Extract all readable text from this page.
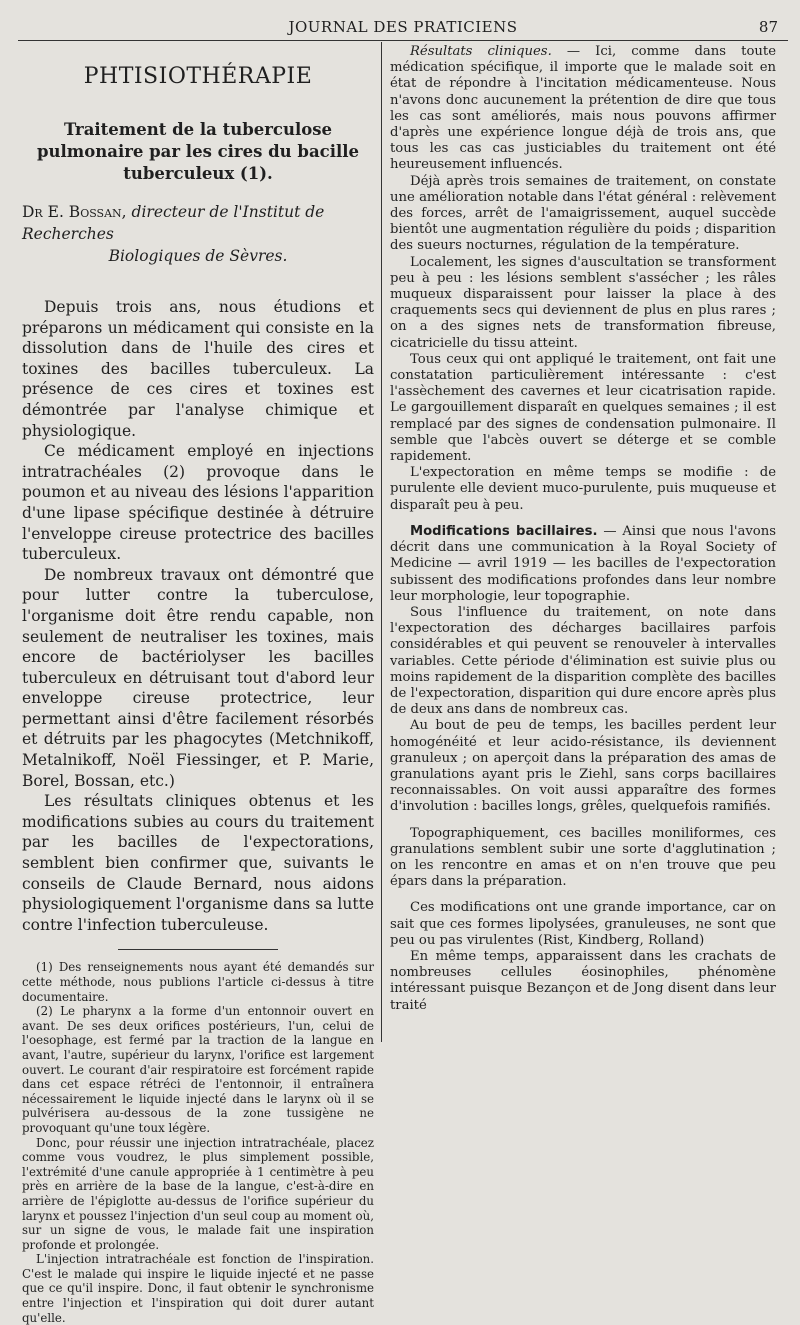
JOURNAL DES PRATICIENS	87
PHTISIOTHÉRAPIE
Traitement de la tuberculose pulmonaire par les cires du bacille tuberculeux (1).
Dr E. Bossan, directeur de l'Institut de Recherches
Biologiques de Sèvres.

Depuis trois ans, nous étudions et préparons un médicament qui consiste en la dissolution dans de l'huile des cires et toxines des bacilles tuberculeux. La présence de ces cires et toxines est démontrée par l'analyse chimique et physiologique.

Ce médicament employé en injections intratrachéales (2) provoque dans le poumon et au niveau des lésions l'apparition d'une lipase spécifique destinée à détruire l'enveloppe cireuse protectrice des bacilles tuberculeux.

De nombreux travaux ont démontré que pour lutter contre la tuberculose, l'organisme doit être rendu capable, non seulement de neutraliser les toxines, mais encore de bactériolyser les bacilles tuberculeux en détruisant tout d'abord leur enveloppe cireuse protectrice, leur permettant ainsi d'être facilement résorbés et détruits par les phagocytes (Metchnikoff, Metalnikoff, Noël Fiessinger, et P. Marie, Borel, Bossan, etc.)

Les résultats cliniques obtenus et les modifications subies au cours du traitement par les bacilles de l'expectorations, semblent bien confirmer que, suivants le conseils de Claude Bernard, nous aidons physiologiquement l'organisme dans sa lutte contre l'infection tuberculeuse.

(1) Des renseignements nous ayant été demandés sur cette méthode, nous publions l'article ci-dessus à titre documentaire.

(2) Le pharynx a la forme d'un entonnoir ouvert en avant. De ses deux orifices postérieurs, l'un, celui de l'oesophage, est fermé par la traction de la langue en avant, l'autre, supérieur du larynx, l'orifice est largement ouvert. Le courant d'air respiratoire est forcément rapide dans cet espace rétréci de l'entonnoir, il entraînera nécessairement le liquide injecté dans le larynx où il se pulvérisera au-dessous de la zone tussigène ne provoquant qu'une toux légère.

Donc, pour réussir une injection intratrachéale, placez comme vous voudrez, le plus simplement possible, l'extrémité d'une canule appropriée à 1 centimètre à peu près en arrière de la base de la langue, c'est-à-dire en arrière de l'épiglotte au-dessus de l'orifice supérieur du larynx et poussez l'injection d'un seul coup au moment où, sur un signe de vous, le malade fait une inspiration profonde et prolongée.

L'injection intratrachéale est fonction de l'inspiration. C'est le malade qui inspire le liquide injecté et ne passe que ce qu'il inspire. Donc, il faut obtenir le synchronisme entre l'injection et l'inspiration qui doit durer autant qu'elle.

Résultats cliniques. — Ici, comme dans toute médication spécifique, il importe que le malade soit en état de répondre à l'incitation médicamenteuse. Nous n'avons donc aucunement la prétention de dire que tous les cas sont améliorés, mais nous pouvons affirmer d'après une expérience longue déjà de trois ans, que tous les cas cas justiciables du traitement ont été heureusement influencés.

Déjà après trois semaines de traitement, on constate une amélioration notable dans l'état général : relèvement des forces, arrêt de l'amaigrissement, auquel succède bientôt une augmentation régulière du poids ; disparition des sueurs nocturnes, régulation de la température.

Localement, les signes d'auscultation se transforment peu à peu : les lésions semblent s'assécher ; les râles muqueux disparaissent pour laisser la place à des craquements secs qui deviennent de plus en plus rares ; on a des signes nets de transformation fibreuse, cicatricielle du tissu atteint.

Tous ceux qui ont appliqué le traitement, ont fait une constatation particulièrement intéressante : c'est l'assèchement des cavernes et leur cicatrisation rapide. Le gargouillement disparaît en quelques semaines ; il est remplacé par des signes de condensation pulmonaire. Il semble que l'abcès ouvert se déterge et se comble rapidement.

L'expectoration en même temps se modifie : de purulente elle devient muco-purulente, puis muqueuse et disparaît peu à peu.

Modifications bacillaires. — Ainsi que nous l'avons décrit dans une communication à la Royal Society of Medicine — avril 1919 — les bacilles de l'expectoration subissent des modifications profondes dans leur nombre leur morphologie, leur topographie.

Sous l'influence du traitement, on note dans l'expectoration des décharges bacillaires parfois considérables et qui peuvent se renouveler à intervalles variables. Cette période d'élimination est suivie plus ou moins rapidement de la disparition complète des bacilles de l'expectoration, disparition qui dure encore après plus de deux ans dans de nombreux cas.

Au bout de peu de temps, les bacilles perdent leur homogénéité et leur acido-résistance, ils deviennent granuleux ; on aperçoit dans la préparation des amas de granulations ayant pris le Ziehl, sans corps bacillaires reconnaissables. On voit aussi apparaître des formes d'involution : bacilles longs, grêles, quelquefois ramifiés.

Topographiquement, ces bacilles moniliformes, ces granulations semblent subir une sorte d'agglutination ; on les rencontre en amas et on n'en trouve que peu épars dans la préparation.

Ces modifications ont une grande importance, car on sait que ces formes lipolysées, granuleuses, ne sont que peu ou pas virulentes (Rist, Kindberg, Rolland)

En même temps, apparaissent dans les crachats de nombreuses cellules éosinophiles, phénomène intéressant puisque Bezançon et de Jong disent dans leur traité
